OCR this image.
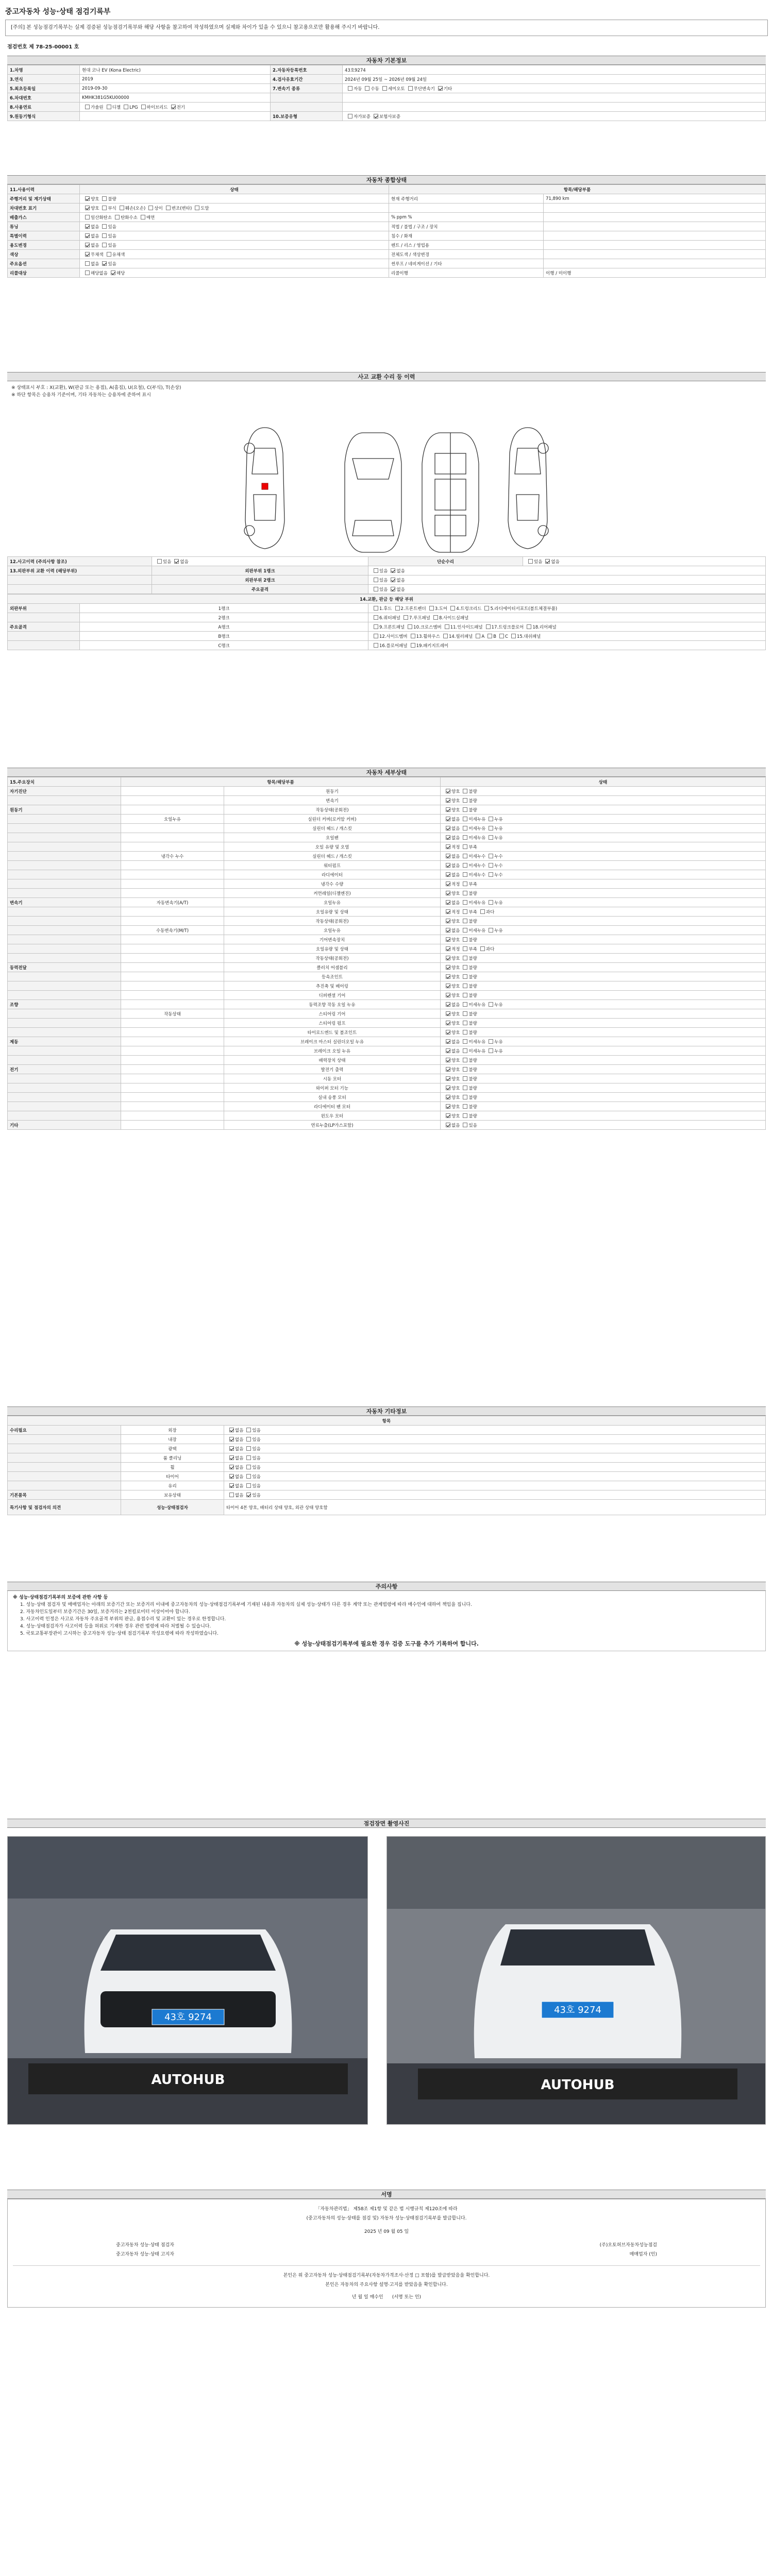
중고자동차 성능·상태 점검기록부
[주의] 본 성능점검기록부는 실제 검증된 성능점검기록부와 해당 사항을 참고하여 작성하였으며 실제와 차이가 있을 수 있으니 참고용으로만 활용해 주시기 바랍니다.
점검번호 제 78-25-00001 호
자동차 기본정보
1.차명	현대 코나 EV (Kona Electric)	2.자동차등록번호	43호9274
3.연식	2019	4.검사유효기간	2024년 09월 25일 ~ 2026년 09월 24일
5.최초등록일	2019-09-30	7.변속기 종류	자동 수동 세미오토 무단변속기 기타
6.차대번호	KMHK381G5KU00000		
8.사용연료	가솔린 디젤 LPG 하이브리드 전기		
9.원동기형식		10.보증유형	자가보증 보험사보증
자동차 종합상태
11.사용이력	상태	항목/해당부품	
주행거리 및 계기상태	양호 불량	현재 주행거리	71,890 km
차대번호 표기	양호 부식 훼손(오손) 상이 변조(변타) 도말		
배출가스	일산화탄소 탄화수소 매연	% ppm %	
튜닝	없음 있음	적법 / 불법 / 구조 / 장치	
특별이력	없음 있음	침수 / 화재	
용도변경	없음 있음	렌트 / 리스 / 영업용	
색상	무채색 유채색	전체도색 / 색상변경	
주요옵션	없음 있음	썬루프 / 네비게이션 / 기타	
리콜대상	해당없음 해당	리콜이행	이행 / 미이행
사고 교환 수리 등 이력
※ 상태표시 부호 : X(교환), W(판금 또는 용접), A(흠집), U(요철), C(부식), T(손상)
※ 하단 항목은 승용차 기준이며, 기타 자동차는 승용차에 준하여 표시
12.사고이력 (주의사항 참조)	있음 없음	단순수리	있음 없음
13.외판부위 교환 이력 (해당부위)	외판부위 1랭크	있음 없음	
	외판부위 2랭크	있음 없음	
	주요골격	있음 없음	
14.교환, 판금 등 해당 부위		
외판부위	1랭크	1.후드 2.프론트펜더 3.도어 4.트렁크리드 5.라디에이터서포트(볼트체결부품)
	2랭크	6.쿼터패널 7.루프패널 8.사이드실패널
주요골격	A랭크	9.프론트패널 10.크로스멤버 11.인사이드패널 17.트렁크플로어 18.리어패널
	B랭크	12.사이드멤버 13.휠하우스 14.필러패널 A B C 15.대쉬패널
	C랭크	16.플로어패널 19.패키지트레이
자동차 세부상태
15.주요장치	항목/해당부품		상태
자기진단		원동기	양호 불량
		변속기	양호 불량
원동기		작동상태(공회전)	양호 불량
	오일누유	실린더 커버(로커암 커버)	없음 미세누유 누유
		실린더 헤드 / 개스킷	없음 미세누유 누유
		오일팬	없음 미세누유 누유
		오일 유량 및 오염	적정 부족
	냉각수 누수	실린더 헤드 / 개스킷	없음 미세누수 누수
		워터펌프	없음 미세누수 누수
		라디에이터	없음 미세누수 누수
		냉각수 수량	적정 부족
		커먼레일(디젤엔진)	양호 불량
변속기	자동변속기(A/T)	오일누유	없음 미세누유 누유
		오일유량 및 상태	적정 부족 과다
		작동상태(공회전)	양호 불량
	수동변속기(M/T)	오일누유	없음 미세누유 누유
		기어변속장치	양호 불량
		오일유량 및 상태	적정 부족 과다
		작동상태(공회전)	양호 불량
동력전달		클러치 어셈블리	양호 불량
		등속조인트	양호 불량
		추진축 및 베어링	양호 불량
		디퍼렌셜 기어	양호 불량
조향		동력조향 작동 오일 누유	없음 미세누유 누유
	작동상태	스티어링 기어	양호 불량
		스티어링 펌프	양호 불량
		타이로드엔드 및 볼조인트	양호 불량
제동		브레이크 마스터 실린더오일 누유	없음 미세누유 누유
		브레이크 오일 누유	없음 미세누유 누유
		배력장치 상태	양호 불량
전기		발전기 출력	양호 불량
		시동 모터	양호 불량
		와이퍼 모터 기능	양호 불량
		실내 송풍 모터	양호 불량
		라디에이터 팬 모터	양호 불량
		윈도우 모터	양호 불량
기타		연료누출(LP가스포함)	없음 있음
자동차 기타정보
항목		
수리필요	외장	없음 있음
	내장	없음 있음
	광택	없음 있음
	룸 클리닝	없음 있음
	휠	없음 있음
	타이어	없음 있음
	유리	없음 있음
기본품목	보유상태	없음 있음
특기사항 및 점검자의 의견	성능·상태점검자	타이어 4본 양호, 배터리 상태 양호, 외관 상태 양호함
주의사항
※ 성능·상태점검기록부의 보증에 관한 사항 등
1. 성능·상태 점검자 및 매매업자는 아래의 보증기간 또는 보증거리 이내에 중고자동차의 성능·상태점검기록부에 기재된 내용과 자동차의 실제 성능·상태가 다른 경우 계약 또는 관계법령에 따라 매수인에 대하여 책임을 집니다.
2. 자동차인도일부터 보증기간은 30일, 보증거리는 2천킬로미터 이상이어야 합니다.
3. 사고이력 인정은 사고로 자동차 주요골격 부위의 판금, 용접수리 및 교환이 있는 경우로 한정합니다.
4. 성능·상태점검자가 사고이력 등을 허위로 기재한 경우 관련 법령에 따라 처벌될 수 있습니다.
5. 국토교통부장관이 고시하는 중고자동차 성능·상태 점검기록부 작성요령에 따라 작성하였습니다.
※ 성능·상태점검기록부에 필요한 경우 검증 도구를 추가 기록하여 합니다.
점검장면 촬영사진
43호 9274
AUTOHUB
43호 9274
AUTOHUB
서명
「자동차관리법」 제58조 제1항 및 같은 법 시행규칙 제120조에 따라
(중고자동차의 성능·상태를 점검 및) 자동차 성능·상태점검기록부를 발급합니다.
2025 년 09 월 05 일
중고자동차 성능·상태 점검자	(주)오토허브자동차성능점검
중고자동차 성능·상태 고지자	매매업자 (인)
본인은 위 중고자동차 성능·상태점검기록부(자동차가격조사·산정 □ 포함)를 발급받았음을 확인합니다.
본인은 자동차의 주요사항 설명·고지를 받았음을 확인합니다.
년 월 일 매수인 (서명 또는 인)
